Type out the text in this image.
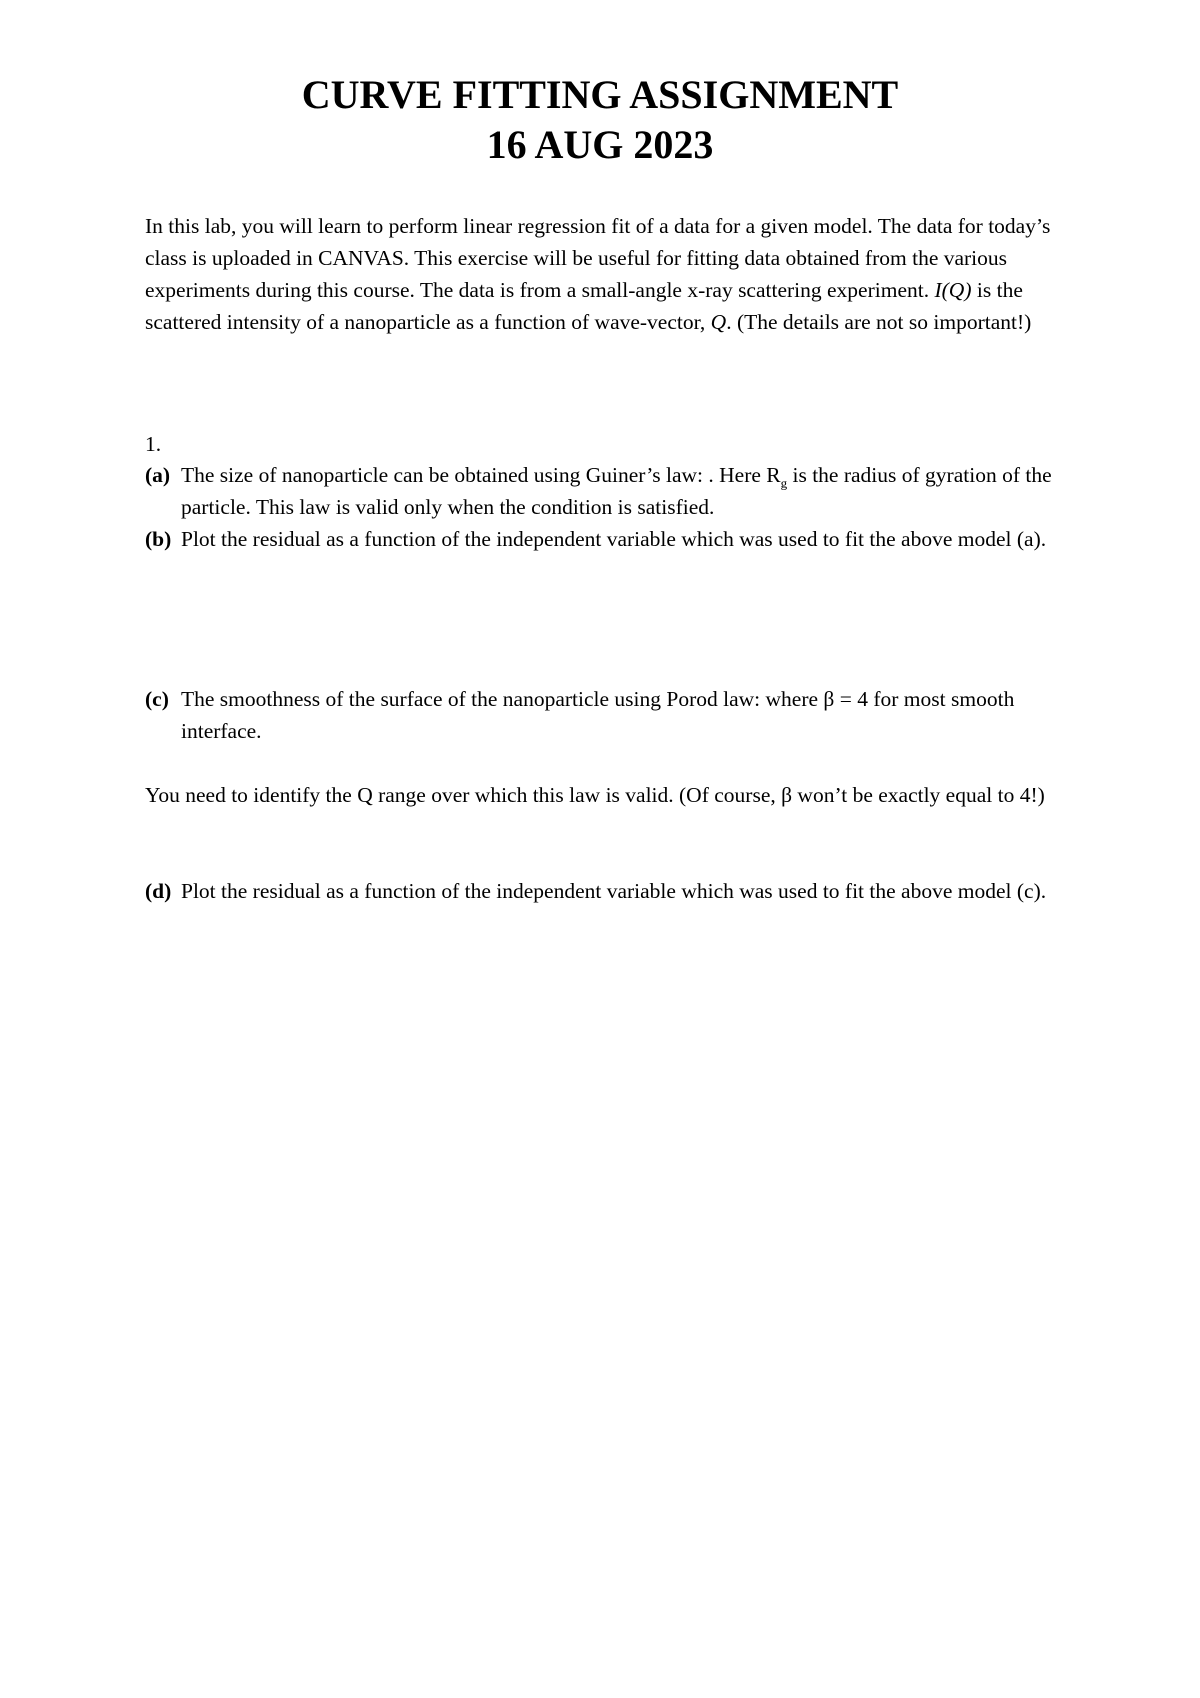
CURVE FITTING ASSIGNMENT
16 AUG 2023
In this lab, you will learn to perform linear regression fit of a data for a given model. The data for today’s class is uploaded in CANVAS. This exercise will be useful for fitting data obtained from the various experiments during this course. The data is from a small-angle x-ray scattering experiment. I(Q) is the scattered intensity of a nanoparticle as a function of wave-vector, Q. (The details are not so important!)
1.
(a) The size of nanoparticle can be obtained using Guiner’s law: . Here $R_g$ is the radius of gyration of the particle. This law is valid only when the condition is satisfied.
(b) Plot the residual as a function of the independent variable which was used to fit the above model (a).
(c) The smoothness of the surface of the nanoparticle using Porod law: where β = 4 for most smooth interface.
You need to identify the Q range over which this law is valid. (Of course, β won’t be exactly equal to 4!)
(d) Plot the residual as a function of the independent variable which was used to fit the above model (c).
